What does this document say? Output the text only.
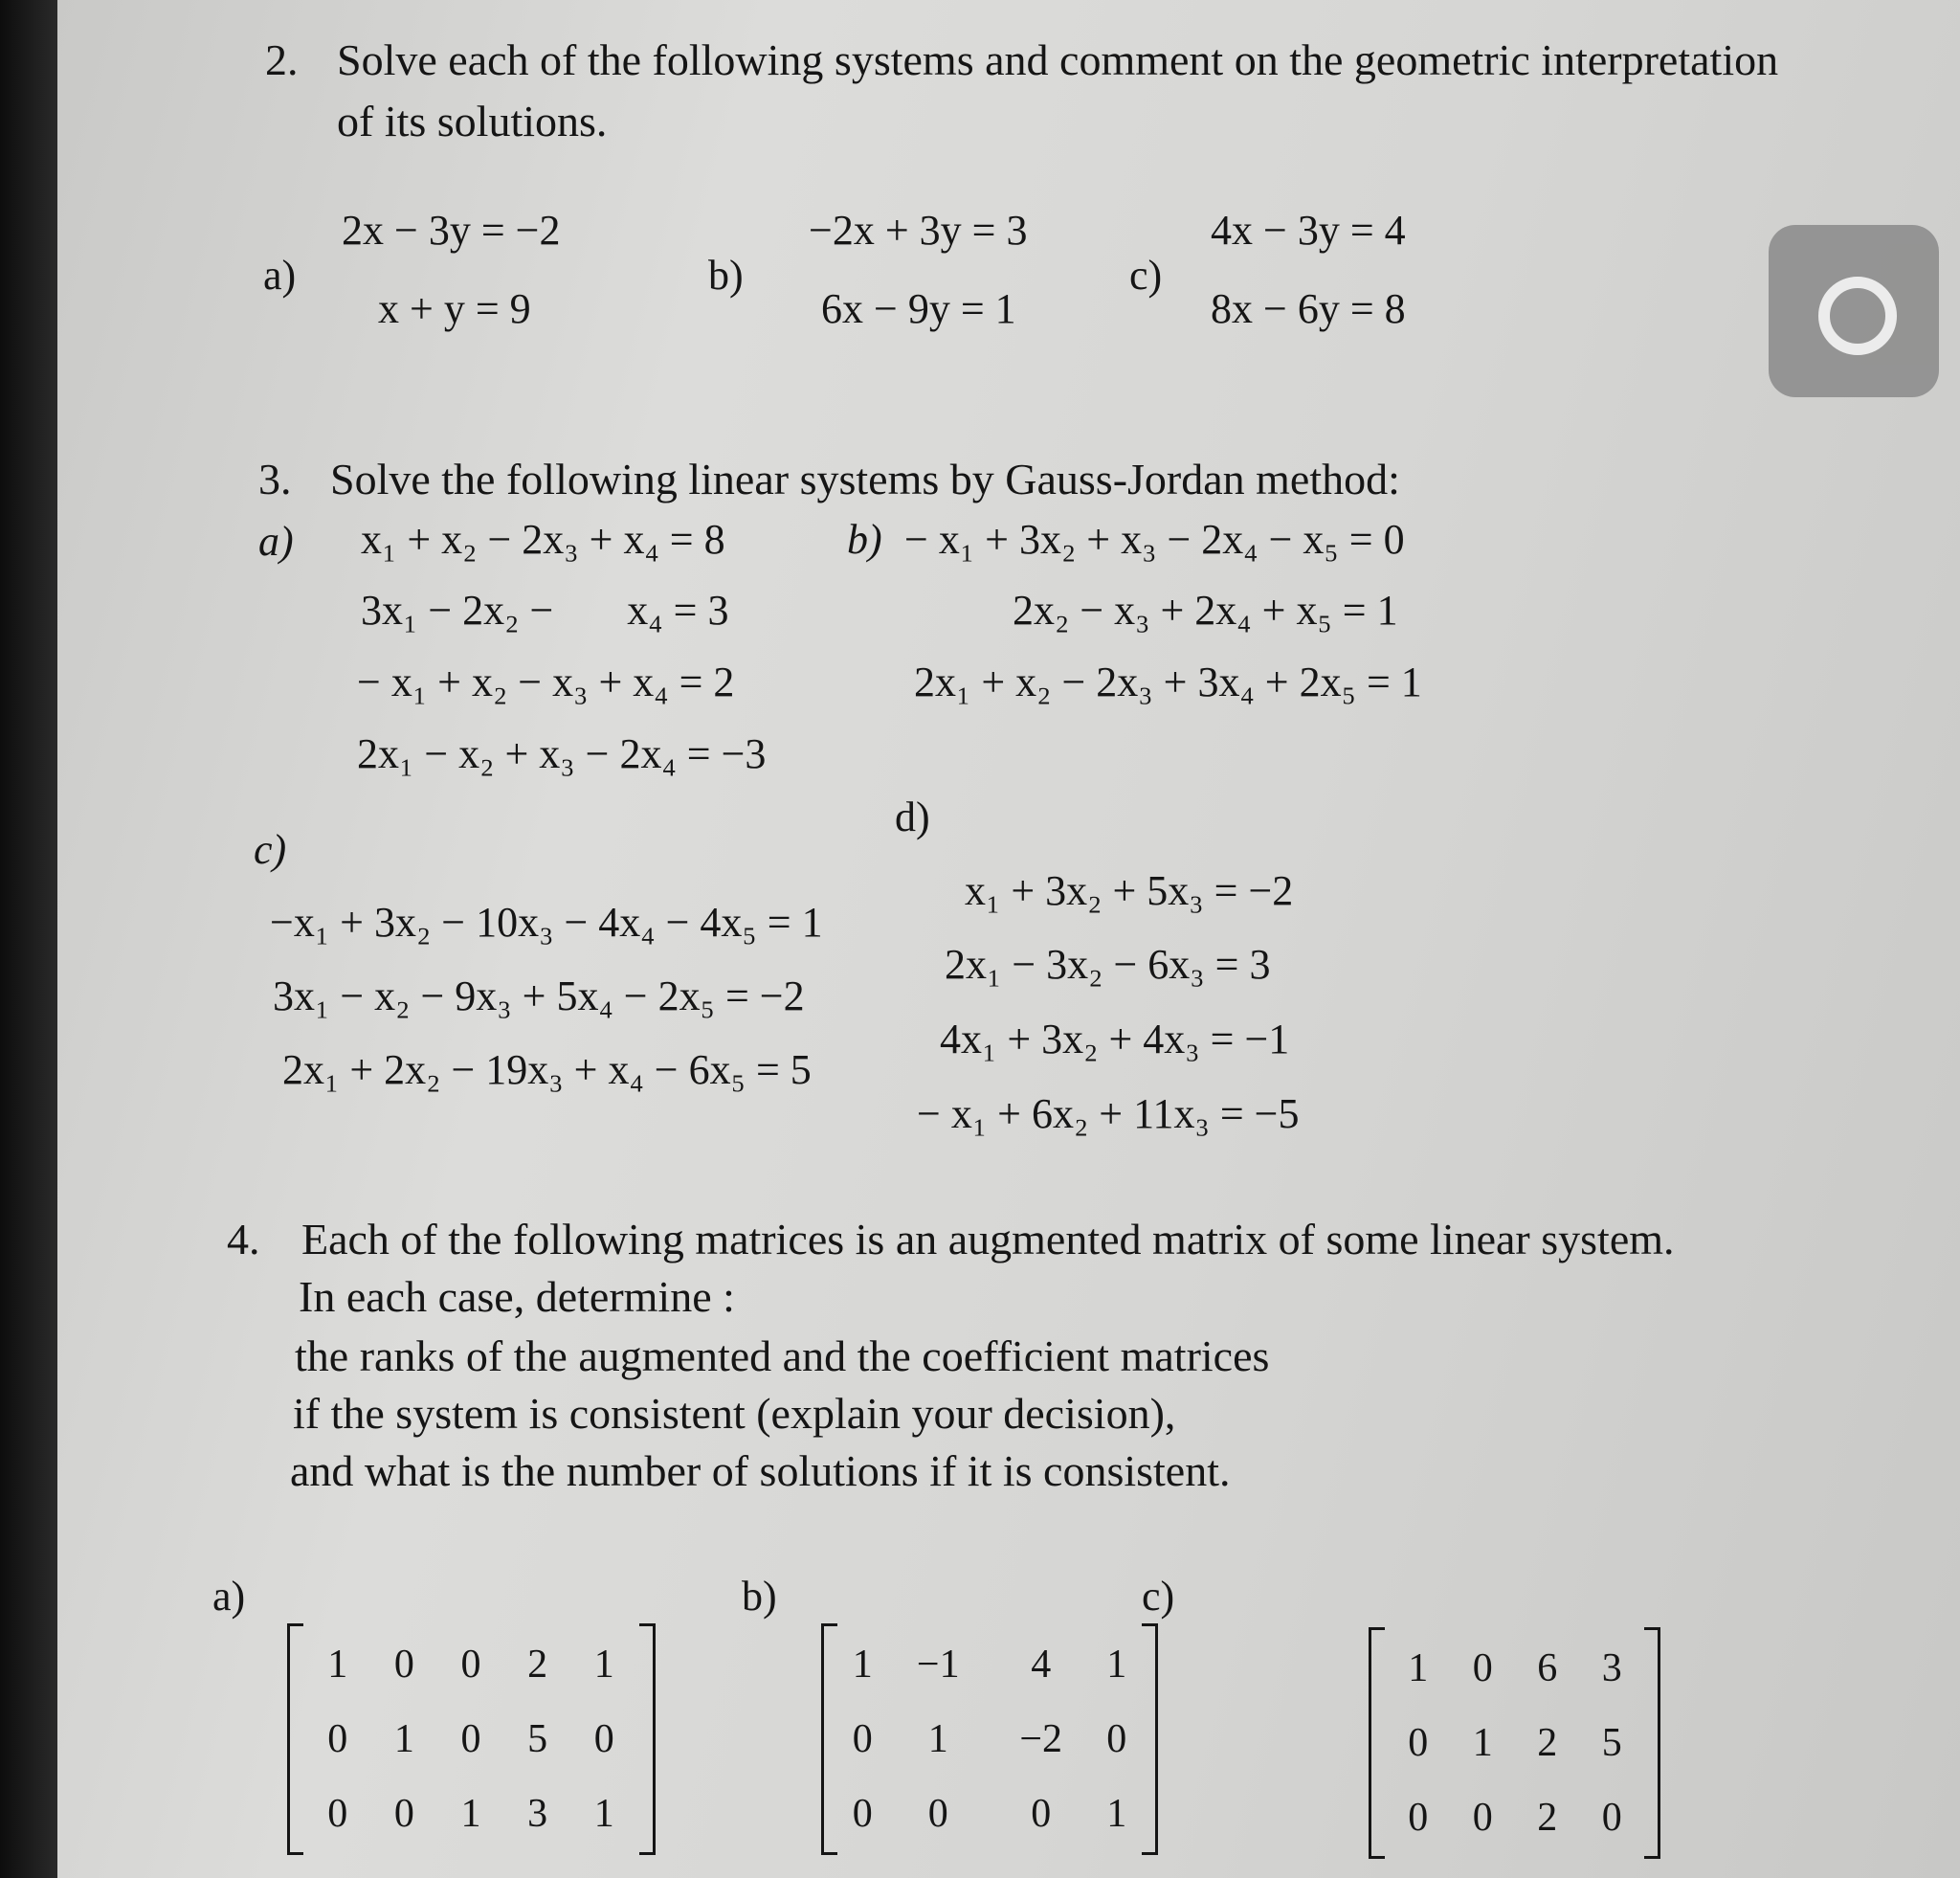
2. Solve each of the following systems and comment on the geometric interpretation
of its solutions.
a)
2x − 3y = −2
x + y = 9
b)
−2x + 3y = 3
6x − 9y = 1
c)
4x − 3y = 4
8x − 6y = 8
3. Solve the following linear systems by Gauss-Jordan method:
a) x₁ + x₂ − 2x₃ + x₄ = 8
3x₁ − 2x₂ −       x₄ = 3
− x₁ + x₂ − x₃ + x₄ = 2
2x₁ − x₂ + x₃ − 2x₄ = −3
b) − x₁ + 3x₂ + x₃ − 2x₄ − x₅ = 0
2x₂ − x₃ + 2x₄ + x₅ = 1
2x₁ + x₂ − 2x₃ + 3x₄ + 2x₅ = 1
c)
−x₁ + 3x₂ − 10x₃ − 4x₄ − 4x₅ = 1
3x₁ − x₂ − 9x₃ + 5x₄ − 2x₅ = −2
2x₁ + 2x₂ − 19x₃ + x₄ − 6x₅ = 5
d)
x₁ + 3x₂ + 5x₃ = −2
2x₁ − 3x₂ − 6x₃ = 3
4x₁ + 3x₂ + 4x₃ = −1
− x₁ + 6x₂ + 11x₃ = −5
4. Each of the following matrices is an augmented matrix of some linear system.
In each case, determine :
the ranks of the augmented and the coefficient matrices
if the system is consistent (explain your decision),
and what is the number of solutions if it is consistent.
a)	b)	c)
1	0	0	2	1
0	1	0	5	0
0	0	1	3	1
1	−1	4	1
0	1	−2	0
0	0	0	1
1	0	6	3
0	1	2	5
0	0	2	0
